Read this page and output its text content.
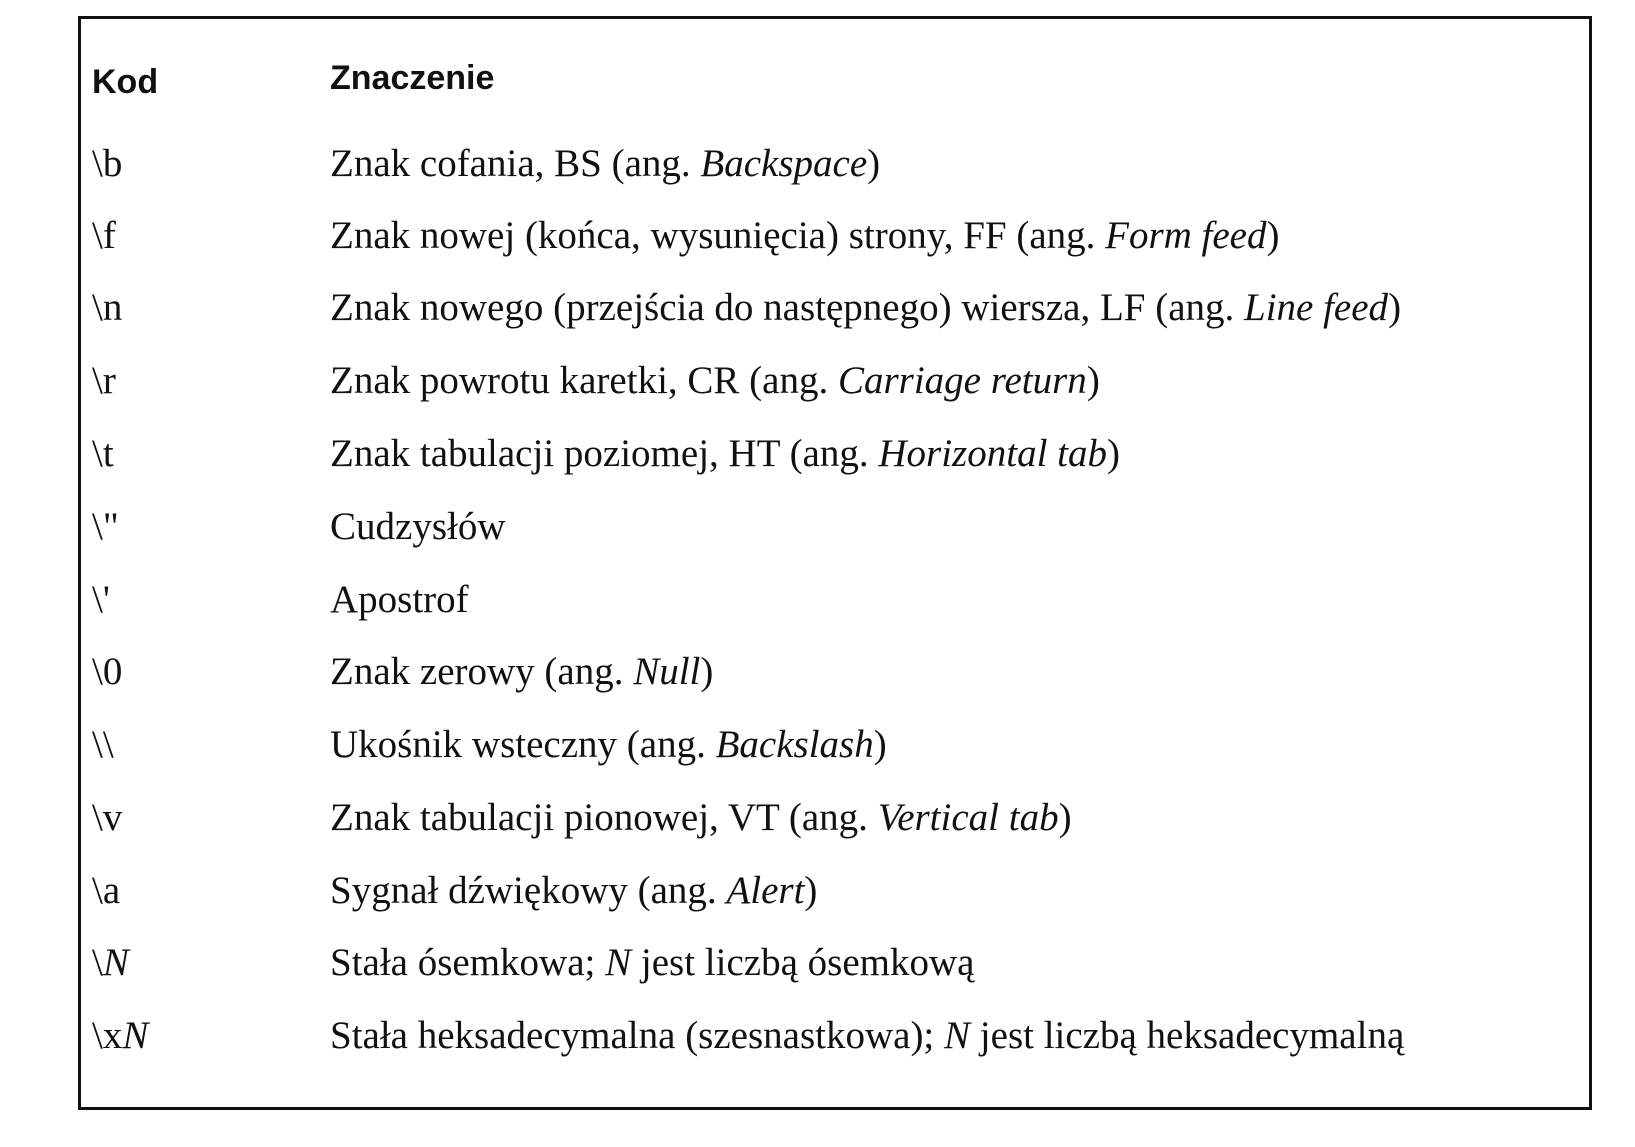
Kod	Znaczenie
\b	Znak cofania, BS (ang. Backspace)
\f	Znak nowej (końca, wysunięcia) strony, FF (ang. Form feed)
\n	Znak nowego (przejścia do następnego) wiersza, LF (ang. Line feed)
\r	Znak powrotu karetki, CR (ang. Carriage return)
\t	Znak tabulacji poziomej, HT (ang. Horizontal tab)
\"	Cudzysłów
\'	Apostrof
\0	Znak zerowy (ang. Null)
\\	Ukośnik wsteczny (ang. Backslash)
\v	Znak tabulacji pionowej, VT (ang. Vertical tab)
\a	Sygnał dźwiękowy (ang. Alert)
\N	Stała ósemkowa; N jest liczbą ósemkową
\xN	Stała heksadecymalna (szesnastkowa); N jest liczbą heksadecymalną
